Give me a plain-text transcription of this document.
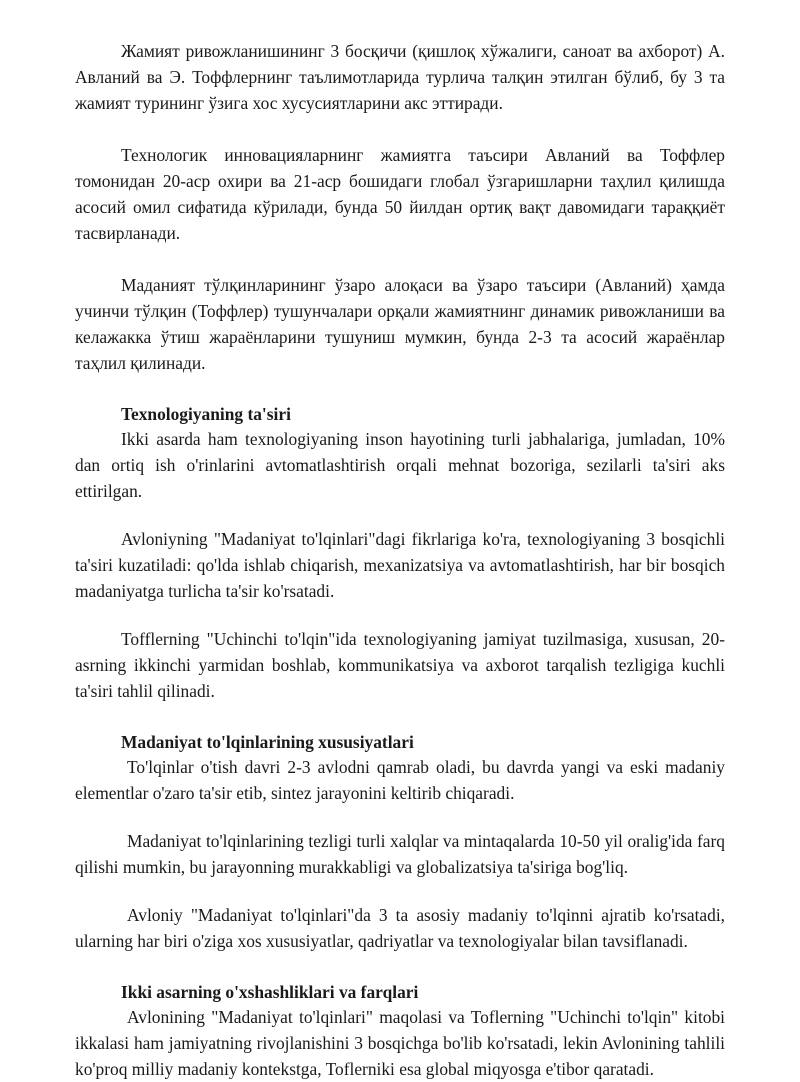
Жамият ривожланишининг 3 босқичи (қишлоқ хўжалиги, саноат ва ахборот) А. Авланий ва Э. Тоффлернинг таълимотларида турлича талқин этилган бўлиб, бу 3 та жамият турининг ўзига хос хусусиятларини акс эттиради.

Технологик инновацияларнинг жамиятга таъсири Авланий ва Тоффлер томонидан 20-аср охири ва 21-аср бошидаги глобал ўзгаришларни таҳлил қилишда асосий омил сифатида кўрилади, бунда 50 йилдан ортиқ вақт давомидаги тараққиёт тасвирланади.

Маданият тўлқинларининг ўзаро алоқаси ва ўзаро таъсири (Авланий) ҳамда учинчи тўлқин (Тоффлер) тушунчалари орқали жамиятнинг динамик ривожланиши ва келажакка ўтиш жараёнларини тушуниш мумкин, бунда 2-3 та асосий жараёнлар таҳлил қилинади.

Texnologiyaning ta'siri

Ikki asarda ham texnologiyaning inson hayotining turli jabhalariga, jumladan, 10% dan ortiq ish o'rinlarini avtomatlashtirish orqali mehnat bozoriga, sezilarli ta'siri aks ettirilgan.

Avloniyning "Madaniyat to'lqinlari"dagi fikrlariga ko'ra, texnologiyaning 3 bosqichli ta'siri kuzatiladi: qo'lda ishlab chiqarish, mexanizatsiya va avtomatlashtirish, har bir bosqich madaniyatga turlicha ta'sir ko'rsatadi.

Tofflerning "Uchinchi to'lqin"ida texnologiyaning jamiyat tuzilmasiga, xususan, 20-asrning ikkinchi yarmidan boshlab, kommunikatsiya va axborot tarqalish tezligiga kuchli ta'siri tahlil qilinadi.

Madaniyat to'lqinlarining xususiyatlari

To'lqinlar o'tish davri 2-3 avlodni qamrab oladi, bu davrda yangi va eski madaniy elementlar o'zaro ta'sir etib, sintez jarayonini keltirib chiqaradi.

Madaniyat to'lqinlarining tezligi turli xalqlar va mintaqalarda 10-50 yil oralig'ida farq qilishi mumkin, bu jarayonning murakkabligi va globalizatsiya ta'siriga bog'liq.

Avloniy "Madaniyat to'lqinlari"da 3 ta asosiy madaniy to'lqinni ajratib ko'rsatadi, ularning har biri o'ziga xos xususiyatlar, qadriyatlar va texnologiyalar bilan tavsiflanadi.

Ikki asarning o'xshashliklari va farqlari

Avlonining "Madaniyat to'lqinlari" maqolasi va Toflerning "Uchinchi to'lqin" kitobi ikkalasi ham jamiyatning rivojlanishini 3 bosqichga bo'lib ko'rsatadi, lekin Avlonining tahlili ko'proq milliy madaniy kontekstga, Toflerniki esa global miqyosga e'tibor qaratadi.
